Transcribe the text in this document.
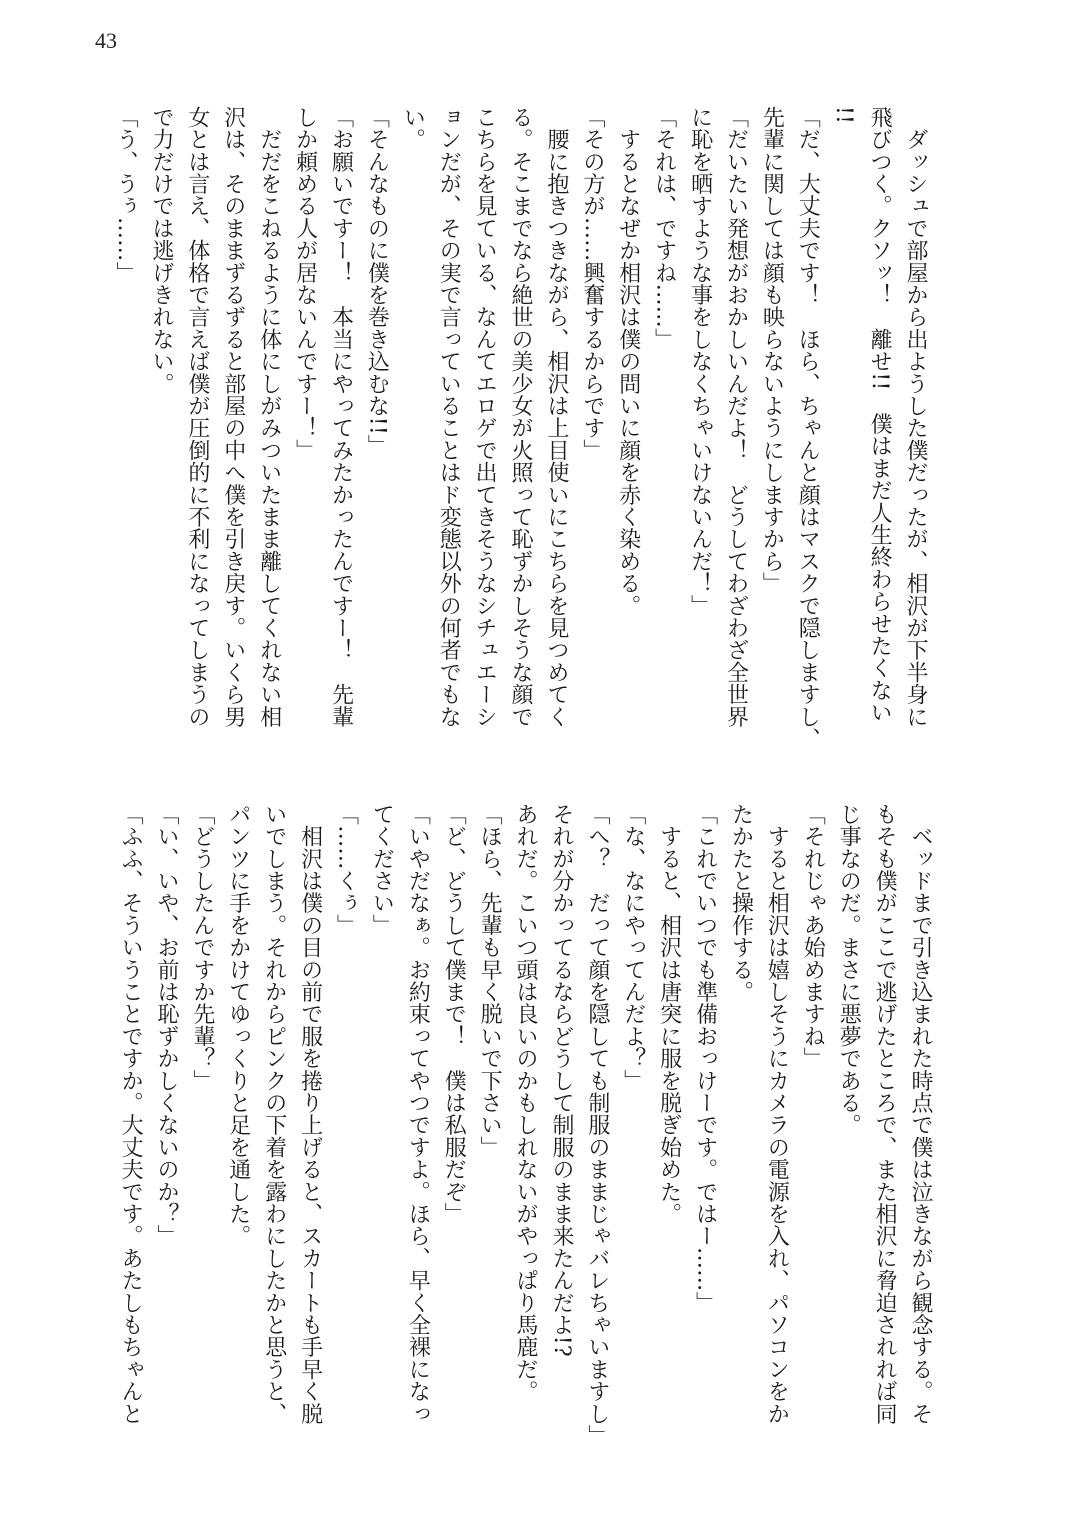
43
　ダッシュで部屋から出ようした僕だったが、相沢が下半身に
飛びつく。クソッ！　離せ!!　僕はまだ人生終わらせたくない
!!
「だ、大丈夫です！　ほら、ちゃんと顔はマスクで隠しますし、
先輩に関しては顔も映らないようにしますから」
「だいたい発想がおかしいんだよ！　どうしてわざわざ全世界
に恥を晒すような事をしなくちゃいけないんだ！」
「それは、ですね……」
　するとなぜか相沢は僕の問いに顔を赤く染める。
「その方が……興奮するからです」
　腰に抱きつきながら、相沢は上目使いにこちらを見つめてく
る。そこまでなら絶世の美少女が火照って恥ずかしそうな顔で
こちらを見ている、なんてエロゲで出てきそうなシチュエーシ
ョンだが、その実で言っていることはド変態以外の何者でもな
い。
「そんなものに僕を巻き込むな!!」
「お願いですー！　本当にやってみたかったんですー！　先輩
しか頼める人が居ないんですー！」
　だだをこねるように体にしがみついたまま離してくれない相
沢は、そのままずるずると部屋の中へ僕を引き戻す。いくら男
女とは言え、体格で言えば僕が圧倒的に不利になってしまうの
で力だけでは逃げきれない。
「う、うぅ……」
　ベッドまで引き込まれた時点で僕は泣きながら観念する。そ
もそも僕がここで逃げたところで、また相沢に脅迫されれば同
じ事なのだ。まさに悪夢である。
「それじゃあ始めますね」
　すると相沢は嬉しそうにカメラの電源を入れ、パソコンをか
たかたと操作する。
「これでいつでも準備おっけーです。ではー……」
　すると、相沢は唐突に服を脱ぎ始めた。
「な、なにやってんだよ？」
「へ？　だって顔を隠しても制服のままじゃバレちゃいますし」
それが分かってるならどうして制服のまま来たんだよ!?
あれだ。こいつ頭は良いのかもしれないがやっぱり馬鹿だ。
「ほら、先輩も早く脱いで下さい」
「ど、どうして僕まで！　僕は私服だぞ」
「いやだなぁ。お約束ってやつですよ。ほら、早く全裸になっ
てください」
「……くぅ」
　相沢は僕の目の前で服を捲り上げると、スカートも手早く脱
いでしまう。それからピンクの下着を露わにしたかと思うと、
パンツに手をかけてゆっくりと足を通した。
「どうしたんですか先輩？」
「い、いや、お前は恥ずかしくないのか？」
「ふふ、そういうことですか。大丈夫です。あたしもちゃんと
